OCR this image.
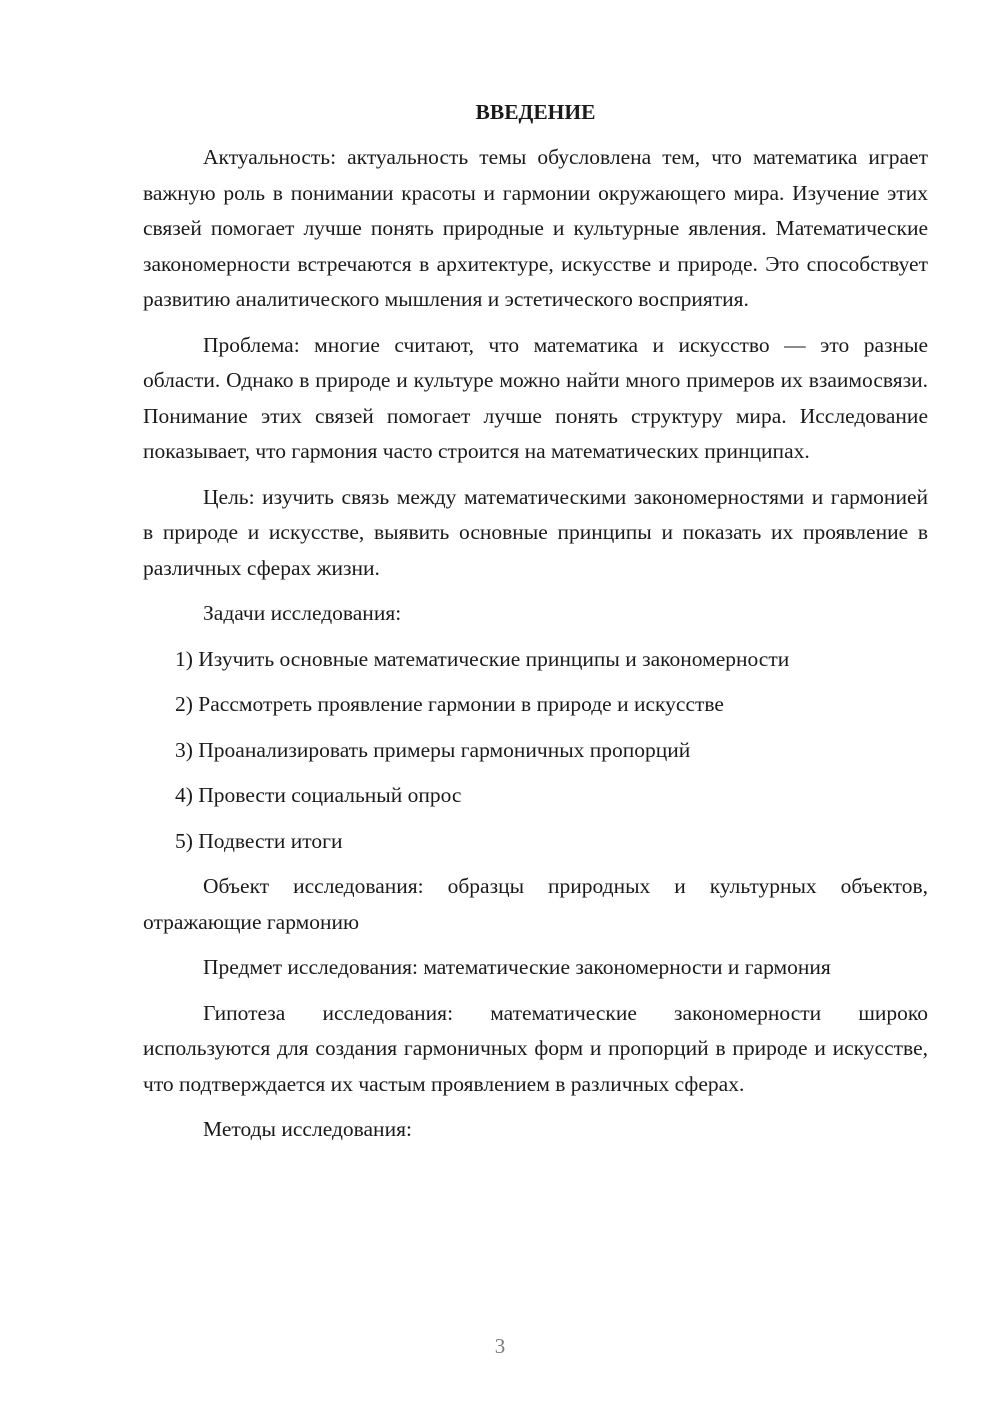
ВВЕДЕНИЕ

Актуальность: актуальность темы обусловлена тем, что математика играет важную роль в понимании красоты и гармонии окружающего мира. Изучение этих связей помогает лучше понять природные и культурные явления. Математические закономерности встречаются в архитектуре, искусстве и природе. Это способствует развитию аналитического мышления и эстетического восприятия.

Проблема: многие считают, что математика и искусство — это разные области. Однако в природе и культуре можно найти много примеров их взаимосвязи. Понимание этих связей помогает лучше понять структуру мира. Исследование показывает, что гармония часто строится на математических принципах.

Цель: изучить связь между математическими закономерностями и гармонией в природе и искусстве, выявить основные принципы и показать их проявление в различных сферах жизни.

Задачи исследования:

1) Изучить основные математические принципы и закономерности
2) Рассмотреть проявление гармонии в природе и искусстве
3) Проанализировать примеры гармоничных пропорций
4) Провести социальный опрос
5) Подвести итоги

Объект исследования: образцы природных и культурных объектов, отражающие гармонию

Предмет исследования: математические закономерности и гармония

Гипотеза исследования: математические закономерности широко используются для создания гармоничных форм и пропорций в природе и искусстве, что подтверждается их частым проявлением в различных сферах.

Методы исследования:

3
